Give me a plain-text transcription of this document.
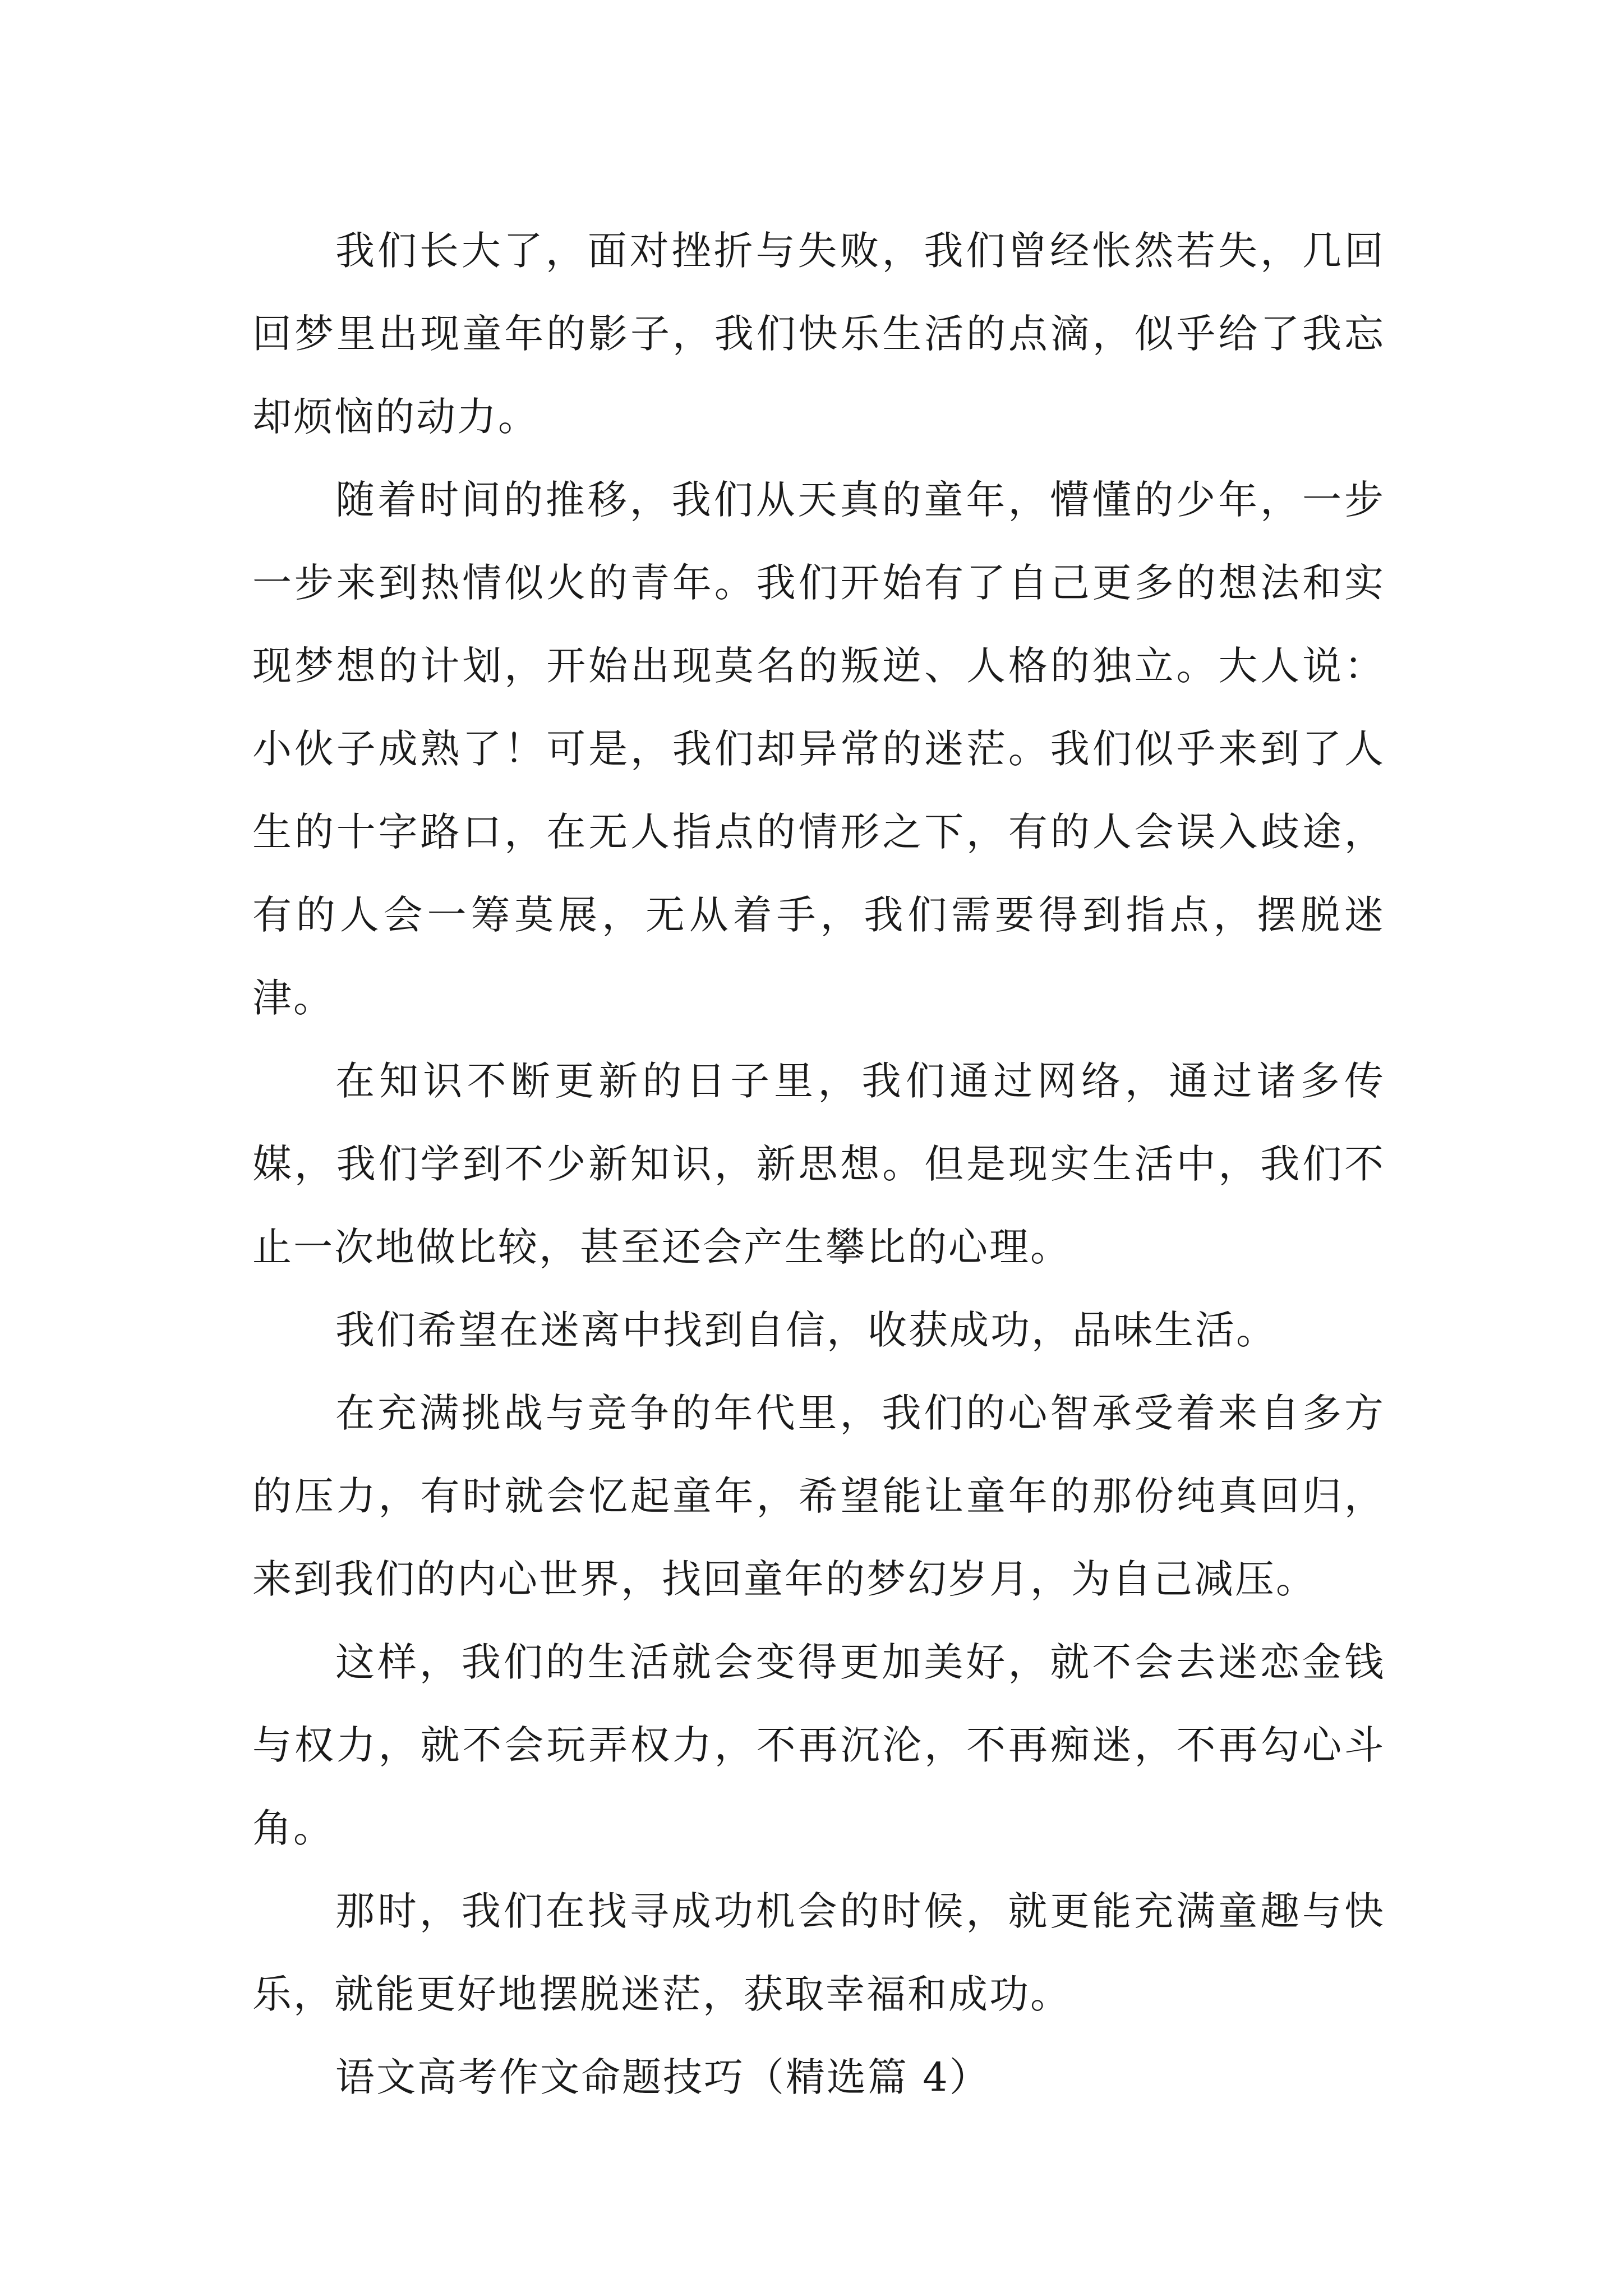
我们长大了，面对挫折与失败，我们曾经怅然若失，几回回梦里出现童年的影子，我们快乐生活的点滴，似乎给了我忘却烦恼的动力。

随着时间的推移，我们从天真的童年，懵懂的少年，一步一步来到热情似火的青年。我们开始有了自己更多的想法和实现梦想的计划，开始出现莫名的叛逆、人格的独立。大人说：小伙子成熟了！可是，我们却异常的迷茫。我们似乎来到了人生的十字路口，在无人指点的情形之下，有的人会误入歧途，有的人会一筹莫展，无从着手，我们需要得到指点，摆脱迷津。

在知识不断更新的日子里，我们通过网络，通过诸多传媒，我们学到不少新知识，新思想。但是现实生活中，我们不止一次地做比较，甚至还会产生攀比的心理。

我们希望在迷离中找到自信，收获成功，品味生活。

在充满挑战与竞争的年代里，我们的心智承受着来自多方的压力，有时就会忆起童年，希望能让童年的那份纯真回归，来到我们的内心世界，找回童年的梦幻岁月，为自己减压。

这样，我们的生活就会变得更加美好，就不会去迷恋金钱与权力，就不会玩弄权力，不再沉沦，不再痴迷，不再勾心斗角。

那时，我们在找寻成功机会的时候，就更能充满童趣与快乐，就能更好地摆脱迷茫，获取幸福和成功。

语文高考作文命题技巧（精选篇 4）
